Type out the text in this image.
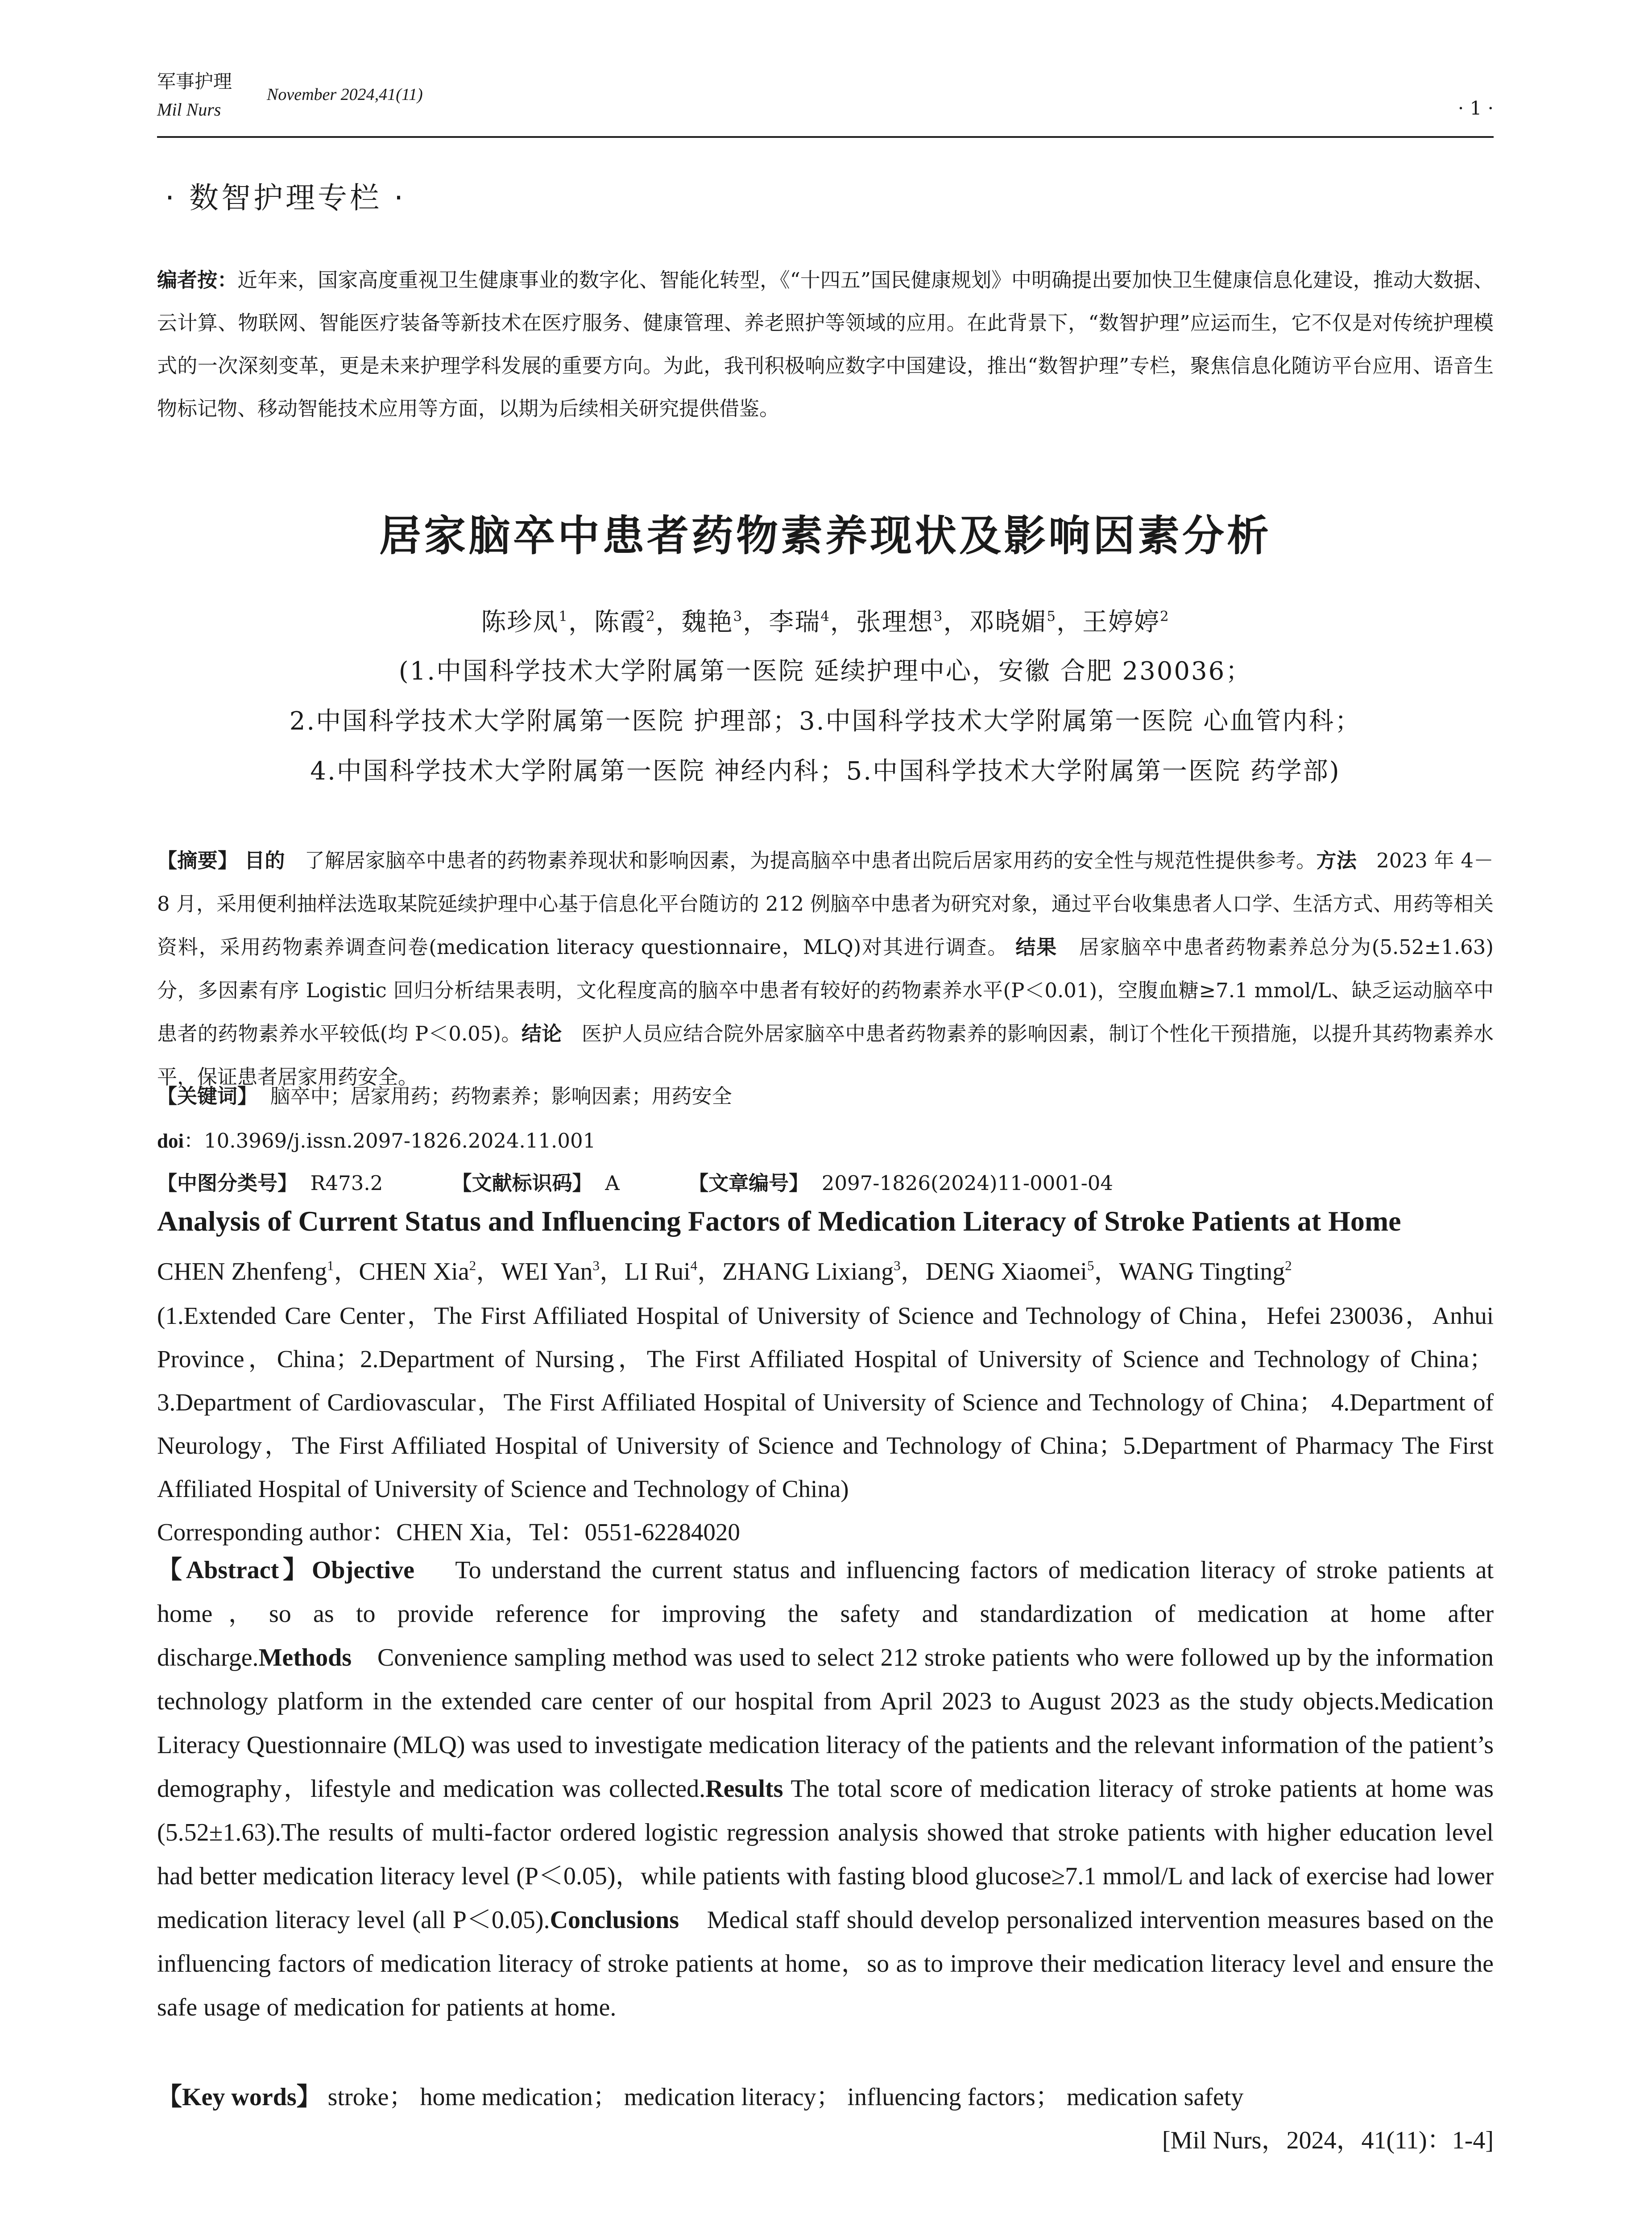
军事护理
Mil Nurs
November 2024,41(11)
· 1 ·
· 数智护理专栏 ·
编者按：近年来，国家高度重视卫生健康事业的数字化、智能化转型，《“十四五”国民健康规划》中明确提出要加快卫生健康信息化建设，推动大数据、云计算、物联网、智能医疗装备等新技术在医疗服务、健康管理、养老照护等领域的应用。在此背景下，“数智护理”应运而生，它不仅是对传统护理模式的一次深刻变革，更是未来护理学科发展的重要方向。为此，我刊积极响应数字中国建设，推出“数智护理”专栏，聚焦信息化随访平台应用、语音生物标记物、移动智能技术应用等方面，以期为后续相关研究提供借鉴。
居家脑卒中患者药物素养现状及影响因素分析
陈珍凤$^1$，陈霞$^2$，魏艳$^3$，李瑞$^4$，张理想$^3$，邓晓媚$^5$，王婷婷$^2$
(1.中国科学技术大学附属第一医院 延续护理中心，安徽 合肥 230036；
2.中国科学技术大学附属第一医院 护理部；3.中国科学技术大学附属第一医院 心血管内科；
4.中国科学技术大学附属第一医院 神经内科；5.中国科学技术大学附属第一医院 药学部)
【摘要】 目的 了解居家脑卒中患者的药物素养现状和影响因素，为提高脑卒中患者出院后居家用药的安全性与规范性提供参考。方法 2023 年 4－8 月，采用便利抽样法选取某院延续护理中心基于信息化平台随访的 212 例脑卒中患者为研究对象，通过平台收集患者人口学、生活方式、用药等相关资料，采用药物素养调查问卷(medication literacy questionnaire，MLQ)对其进行调查。 结果 居家脑卒中患者药物素养总分为(5.52±1.63)分，多因素有序 Logistic 回归分析结果表明，文化程度高的脑卒中患者有较好的药物素养水平(P＜0.01)，空腹血糖≥7.1 mmol/L、缺乏运动脑卒中患者的药物素养水平较低(均 P＜0.05)。结论 医护人员应结合院外居家脑卒中患者药物素养的影响因素，制订个性化干预措施，以提升其药物素养水平，保证患者居家用药安全。
【关键词】 脑卒中；居家用药；药物素养；影响因素；用药安全
doi：10.3969/j.issn.2097-1826.2024.11.001
【中图分类号】 R473.2	【文献标识码】 A	【文章编号】 2097-1826(2024)11-0001-04
Analysis of Current Status and Influencing Factors of Medication Literacy of Stroke Patients at Home
CHEN Zhenfeng$^1$，CHEN Xia$^2$，WEI Yan$^3$，LI Rui$^4$，ZHANG Lixiang$^3$，DENG Xiaomei$^5$，WANG Tingting$^2$
(1.Extended Care Center，The First Affiliated Hospital of University of Science and Technology of China，Hefei 230036，Anhui Province，China；2.Department of Nursing，The First Affiliated Hospital of University of Science and Technology of China； 3.Department of Cardiovascular，The First Affiliated Hospital of University of Science and Technology of China； 4.Department of Neurology，The First Affiliated Hospital of University of Science and Technology of China；5.Department of Pharmacy The First Affiliated Hospital of University of Science and Technology of China)
Corresponding author：CHEN Xia，Tel：0551-62284020
【Abstract】Objective To understand the current status and influencing factors of medication literacy of stroke patients at home，so as to provide reference for improving the safety and standardization of medication at home after discharge.Methods Convenience sampling method was used to select 212 stroke patients who were followed up by the information technology platform in the extended care center of our hospital from April 2023 to August 2023 as the study objects.Medication Literacy Questionnaire (MLQ) was used to investigate medication literacy of the patients and the relevant information of the patient’s demography，lifestyle and medication was collected.Results The total score of medication literacy of stroke patients at home was (5.52±1.63).The results of multi-factor ordered logistic regression analysis showed that stroke patients with higher education level had better medication literacy level (P＜0.05)，while patients with fasting blood glucose≥7.1 mmol/L and lack of exercise had lower medication literacy level (all P＜0.05).Conclusions Medical staff should develop personalized intervention measures based on the influencing factors of medication literacy of stroke patients at home，so as to improve their medication literacy level and ensure the safe usage of medication for patients at home.
【Key words】 stroke； home medication； medication literacy； influencing factors； medication safety
[Mil Nurs，2024，41(11)：1-4]
